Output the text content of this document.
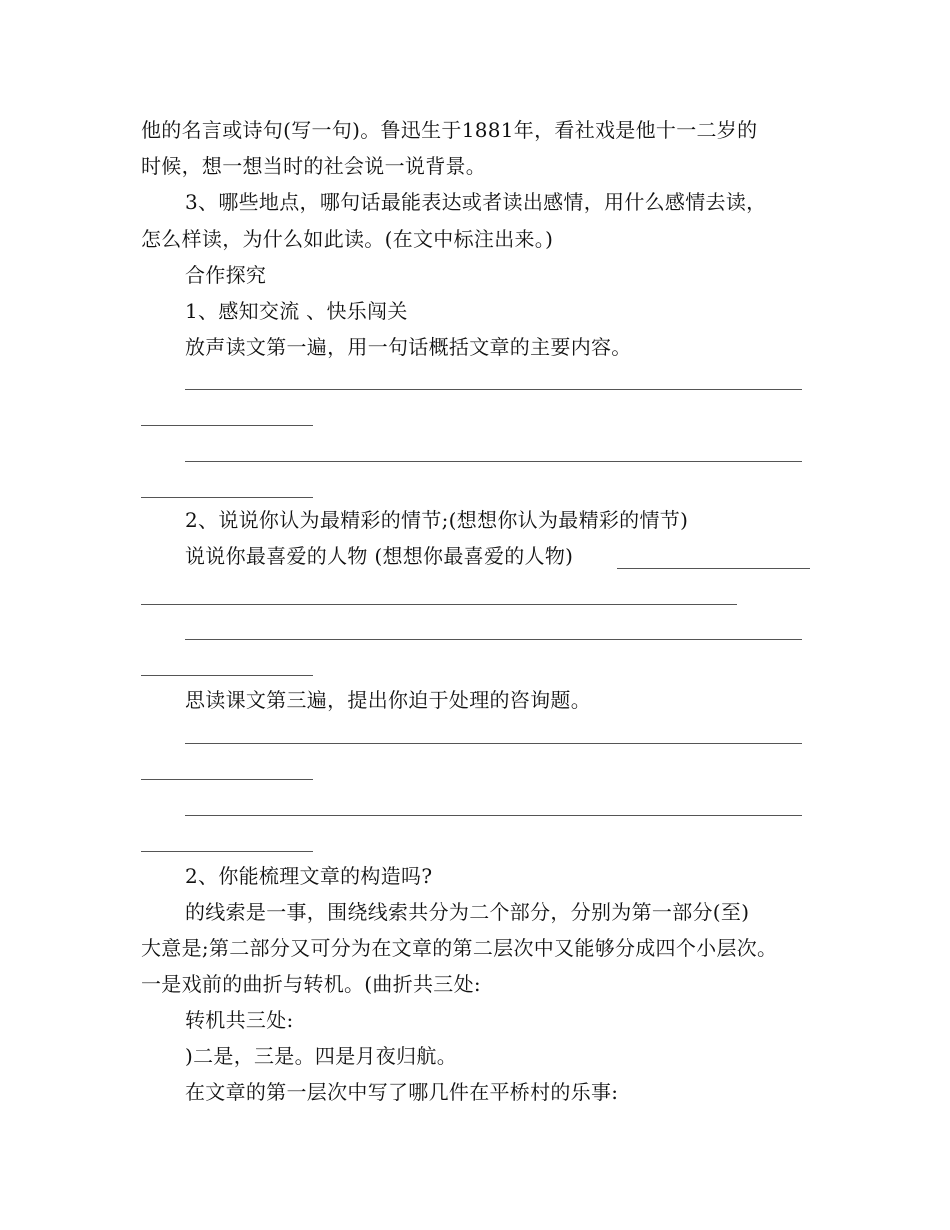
他的名言或诗句(写一句)。鲁迅生于1881年，看社戏是他十一二岁的
时候，想一想当时的社会说一说背景。
3、哪些地点，哪句话最能表达或者读出感情，用什么感情去读，
怎么样读，为什么如此读。(在文中标注出来。)
合作探究
1、感知交流 、快乐闯关
放声读文第一遍，用一句话概括文章的主要内容。
2、说说你认为最精彩的情节;(想想你认为最精彩的情节)
说说你最喜爱的人物 (想想你最喜爱的人物)
思读课文第三遍，提出你迫于处理的咨询题。
2、你能梳理文章的构造吗?
的线索是一事，围绕线索共分为二个部分，分别为第一部分(至)
大意是;第二部分又可分为在文章的第二层次中又能够分成四个小层次。
一是戏前的曲折与转机。(曲折共三处:
转机共三处:
)二是，三是。四是月夜归航。
在文章的第一层次中写了哪几件在平桥村的乐事:
